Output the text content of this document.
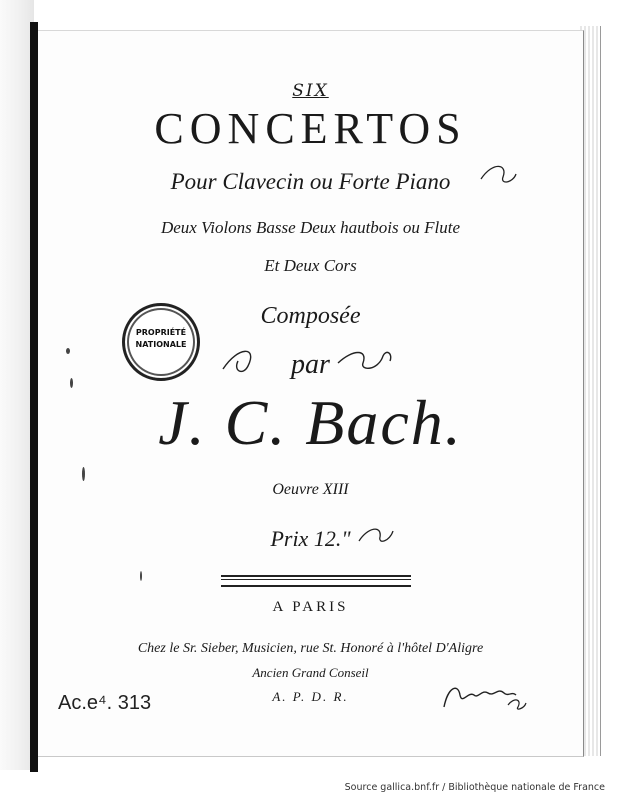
SIX
CONCERTOS
Pour Clavecin ou Forte Piano
Deux Violons Basse Deux hautbois ou Flute
Et Deux Cors
Composée
par
J. C. Bach.
Oeuvre XIII
Prix 12."
A PARIS
Chez le Sr. Sieber, Musicien, rue St. Honoré à l'hôtel D'Aligre
Ancien Grand Conseil
A. P. D. R.
PROPRIÉTÉ
NATIONALE
Ac.e⁴. 313
Source gallica.bnf.fr / Bibliothèque nationale de France
